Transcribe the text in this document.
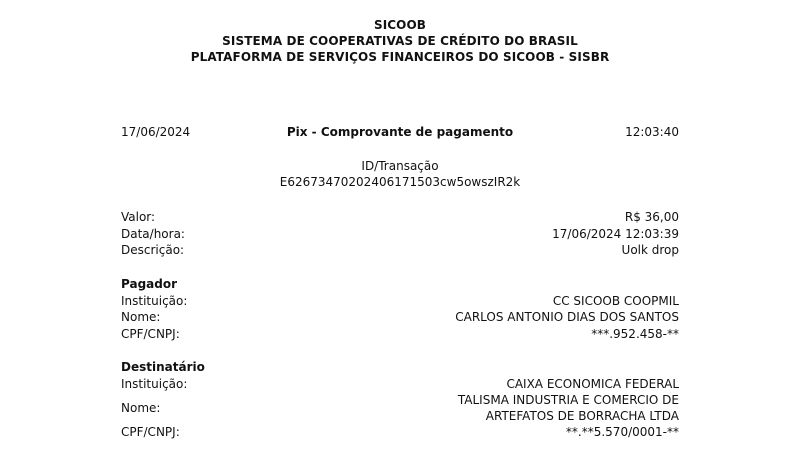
SICOOB
SISTEMA DE COOPERATIVAS DE CRÉDITO DO BRASIL
PLATAFORMA DE SERVIÇOS FINANCEIROS DO SICOOB - SISBR
Pix - Comprovante de pagamento
17/06/2024	12:03:40
ID/Transação
E62673470202406171503cw5owszIR2k
Valor:	R$ 36,00
Data/hora:	17/06/2024 12:03:39
Descrição:	Uolk drop
Pagador
Instituição:	CC SICOOB COOPMIL
Nome:	CARLOS ANTONIO DIAS DOS SANTOS
CPF/CNPJ:	***.952.458-**
Destinatário
Instituição:	CAIXA ECONOMICA FEDERAL
Nome:
TALISMA INDUSTRIA E COMERCIO DE
ARTEFATOS DE BORRACHA LTDA
CPF/CNPJ:	**.**5.570/0001-**
